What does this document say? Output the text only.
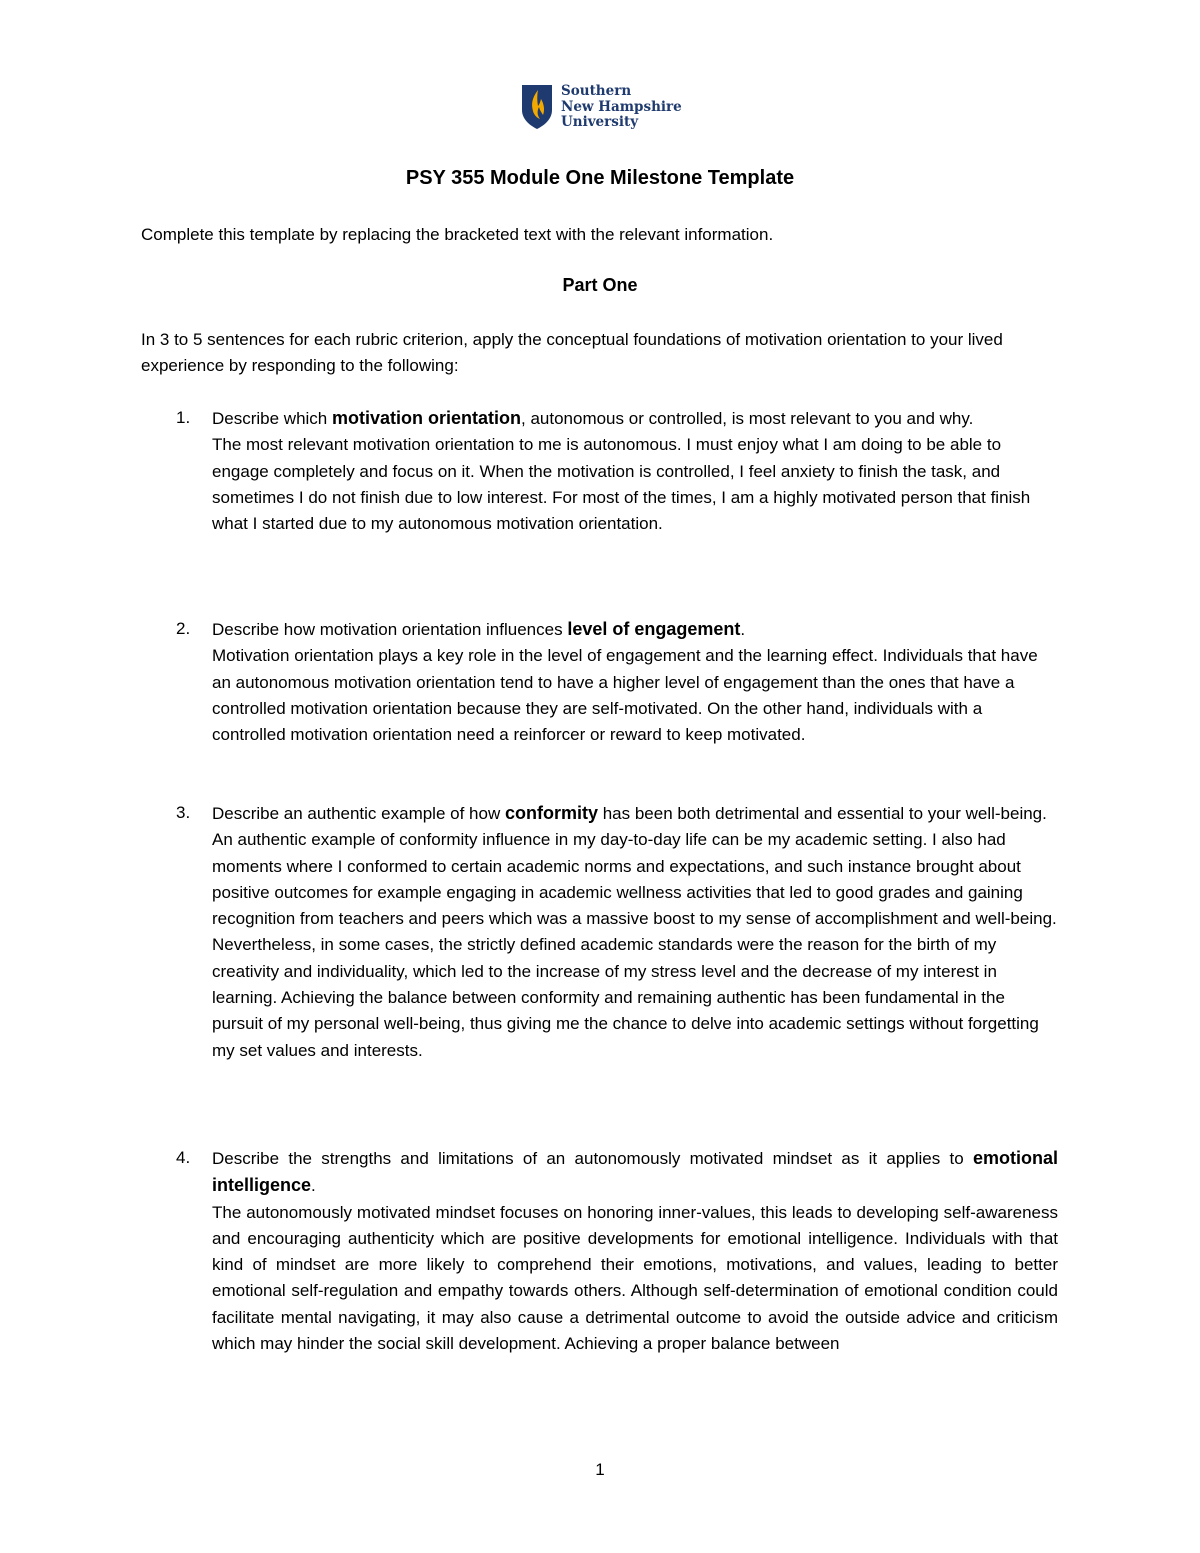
Southern
New Hampshire
University
PSY 355 Module One Milestone Template
Complete this template by replacing the bracketed text with the relevant information.
Part One
In 3 to 5 sentences for each rubric criterion, apply the conceptual foundations of motivation orientation to your lived experience by responding to the following:
1. Describe which motivation orientation, autonomous or controlled, is most relevant to you and why.
The most relevant motivation orientation to me is autonomous. I must enjoy what I am doing to be able to engage completely and focus on it. When the motivation is controlled, I feel anxiety to finish the task, and sometimes I do not finish due to low interest. For most of the times, I am a highly motivated person that finish what I started due to my autonomous motivation orientation.
2. Describe how motivation orientation influences level of engagement.
Motivation orientation plays a key role in the level of engagement and the learning effect. Individuals that have an autonomous motivation orientation tend to have a higher level of engagement than the ones that have a controlled motivation orientation because they are self-motivated. On the other hand, individuals with a controlled motivation orientation need a reinforcer or reward to keep motivated.
3. Describe an authentic example of how conformity has been both detrimental and essential to your well-being.
An authentic example of conformity influence in my day-to-day life can be my academic setting. I also had moments where I conformed to certain academic norms and expectations, and such instance brought about positive outcomes for example engaging in academic wellness activities that led to good grades and gaining recognition from teachers and peers which was a massive boost to my sense of accomplishment and well-being. Nevertheless, in some cases, the strictly defined academic standards were the reason for the birth of my creativity and individuality, which led to the increase of my stress level and the decrease of my interest in learning. Achieving the balance between conformity and remaining authentic has been fundamental in the pursuit of my personal well-being, thus giving me the chance to delve into academic settings without forgetting my set values and interests.
4. Describe the strengths and limitations of an autonomously motivated mindset as it applies to emotional intelligence.
The autonomously motivated mindset focuses on honoring inner-values, this leads to developing self-awareness and encouraging authenticity which are positive developments for emotional intelligence. Individuals with that kind of mindset are more likely to comprehend their emotions, motivations, and values, leading to better emotional self-regulation and empathy towards others. Although self-determination of emotional condition could facilitate mental navigating, it may also cause a detrimental outcome to avoid the outside advice and criticism which may hinder the social skill development. Achieving a proper balance between
1
